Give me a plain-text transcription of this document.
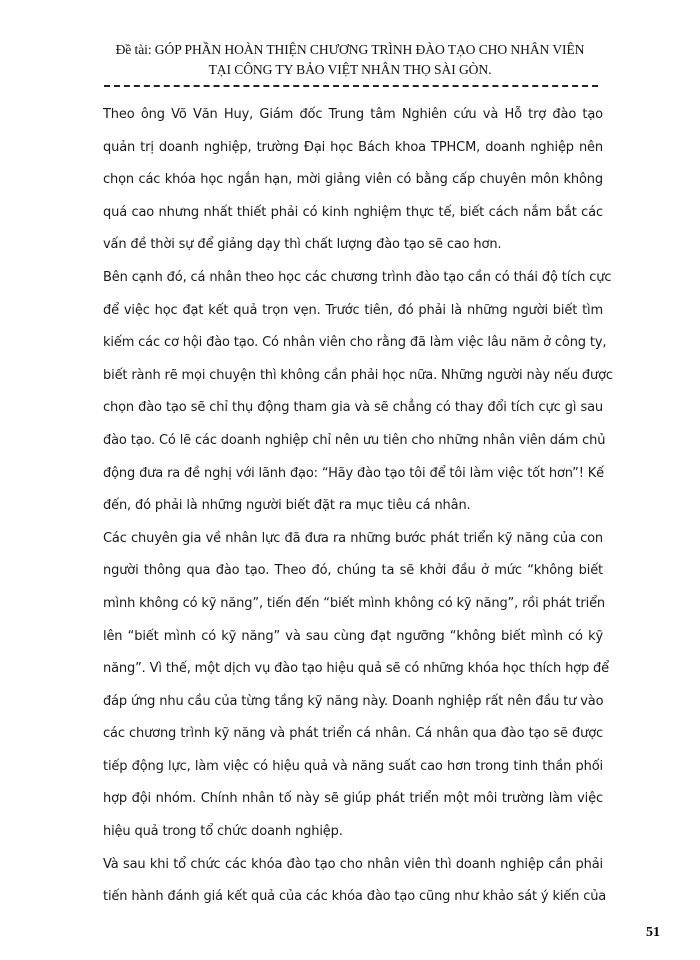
Đề tài: GÓP PHẦN HOÀN THIỆN CHƯƠNG TRÌNH ĐÀO TẠO CHO NHÂN VIÊN
TẠI CÔNG TY BẢO VIỆT NHÂN THỌ SÀI GÒN.
Theo ông Võ Văn Huy, Giám đốc Trung tâm Nghiên cứu và Hỗ trợ đào tạo
quản trị doanh nghiệp, trường Đại học Bách khoa TPHCM, doanh nghiệp nên
chọn các khóa học ngắn hạn, mời giảng viên có bằng cấp chuyên môn không
quá cao nhưng nhất thiết phải có kinh nghiệm thực tế, biết cách nắm bắt các
vấn đề thời sự để giảng dạy thì chất lượng đào tạo sẽ cao hơn.
Bên cạnh đó, cá nhân theo học các chương trình đào tạo cần có thái độ tích cực
để việc học đạt kết quả trọn vẹn. Trước tiên, đó phải là những người biết tìm
kiếm các cơ hội đào tạo. Có nhân viên cho rằng đã làm việc lâu năm ở công ty,
biết rành rẽ mọi chuyện thì không cần phải học nữa. Những người này nếu được
chọn đào tạo sẽ chỉ thụ động tham gia và sẽ chẳng có thay đổi tích cực gì sau
đào tạo. Có lẽ các doanh nghiệp chỉ nên ưu tiên cho những nhân viên dám chủ
động đưa ra đề nghị với lãnh đạo: “Hãy đào tạo tôi để tôi làm việc tốt hơn”! Kế
đến, đó phải là những người biết đặt ra mục tiêu cá nhân.
Các chuyên gia về nhân lực đã đưa ra những bước phát triển kỹ năng của con
người thông qua đào tạo. Theo đó, chúng ta sẽ khởi đầu ở mức “không biết
mình không có kỹ năng”, tiến đến “biết mình không có kỹ năng”, rồi phát triển
lên “biết mình có kỹ năng” và sau cùng đạt ngưỡng “không biết mình có kỹ
năng”. Vì thế, một dịch vụ đào tạo hiệu quả sẽ có những khóa học thích hợp để
đáp ứng nhu cầu của từng tầng kỹ năng này. Doanh nghiệp rất nên đầu tư vào
các chương trình kỹ năng và phát triển cá nhân. Cá nhân qua đào tạo sẽ được
tiếp động lực, làm việc có hiệu quả và năng suất cao hơn trong tinh thần phối
hợp đội nhóm. Chính nhân tố này sẽ giúp phát triển một môi trường làm việc
hiệu quả trong tổ chức doanh nghiệp.
Và sau khi tổ chức các khóa đào tạo cho nhân viên thì doanh nghiệp cần phải
tiến hành đánh giá kết quả của các khóa đào tạo cũng như khảo sát ý kiến của
51
